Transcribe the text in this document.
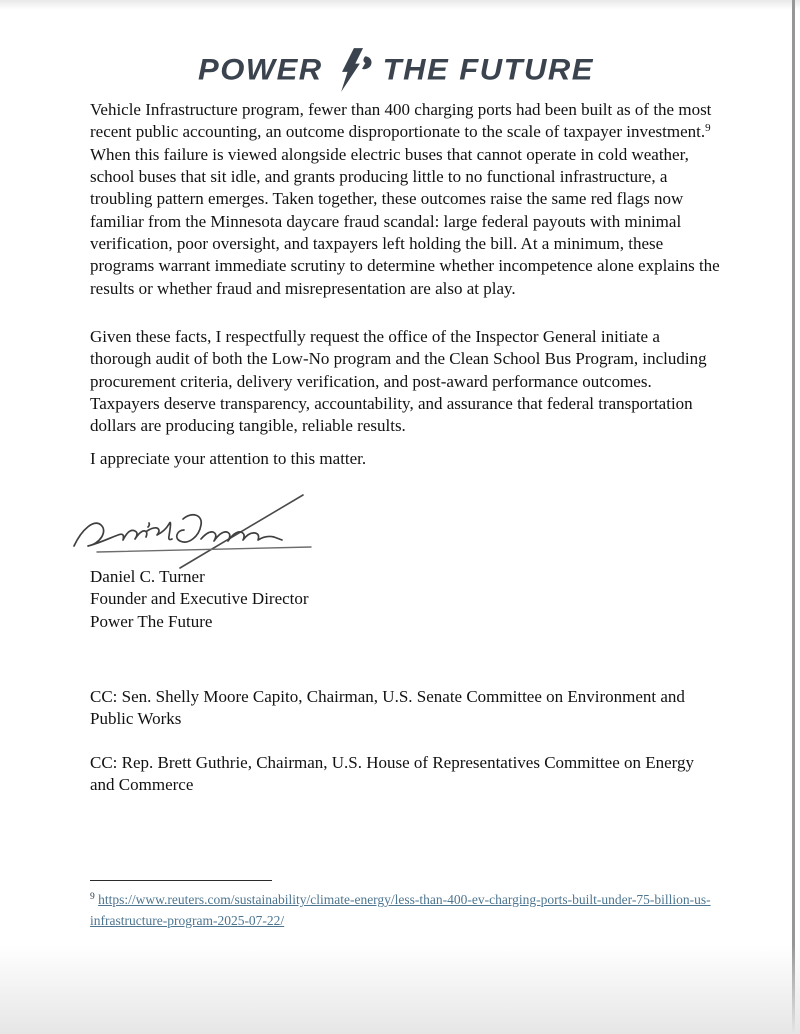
POWER THE FUTURE

Vehicle Infrastructure program, fewer than 400 charging ports had been built as of the most recent public accounting, an outcome disproportionate to the scale of taxpayer investment.$^9$ When this failure is viewed alongside electric buses that cannot operate in cold weather, school buses that sit idle, and grants producing little to no functional infrastructure, a troubling pattern emerges. Taken together, these outcomes raise the same red flags now familiar from the Minnesota daycare fraud scandal: large federal payouts with minimal verification, poor oversight, and taxpayers left holding the bill. At a minimum, these programs warrant immediate scrutiny to determine whether incompetence alone explains the results or whether fraud and misrepresentation are also at play.

Given these facts, I respectfully request the office of the Inspector General initiate a thorough audit of both the Low-No program and the Clean School Bus Program, including procurement criteria, delivery verification, and post-award performance outcomes. Taxpayers deserve transparency, accountability, and assurance that federal transportation dollars are producing tangible, reliable results.

I appreciate your attention to this matter.

Daniel C. Turner
Founder and Executive Director
Power The Future

CC: Sen. Shelly Moore Capito, Chairman, U.S. Senate Committee on Environment and Public Works

CC: Rep. Brett Guthrie, Chairman, U.S. House of Representatives Committee on Energy and Commerce

$^9$ https://www.reuters.com/sustainability/climate-energy/less-than-400-ev-charging-ports-built-under-75-billion-us-infrastructure-program-2025-07-22/
